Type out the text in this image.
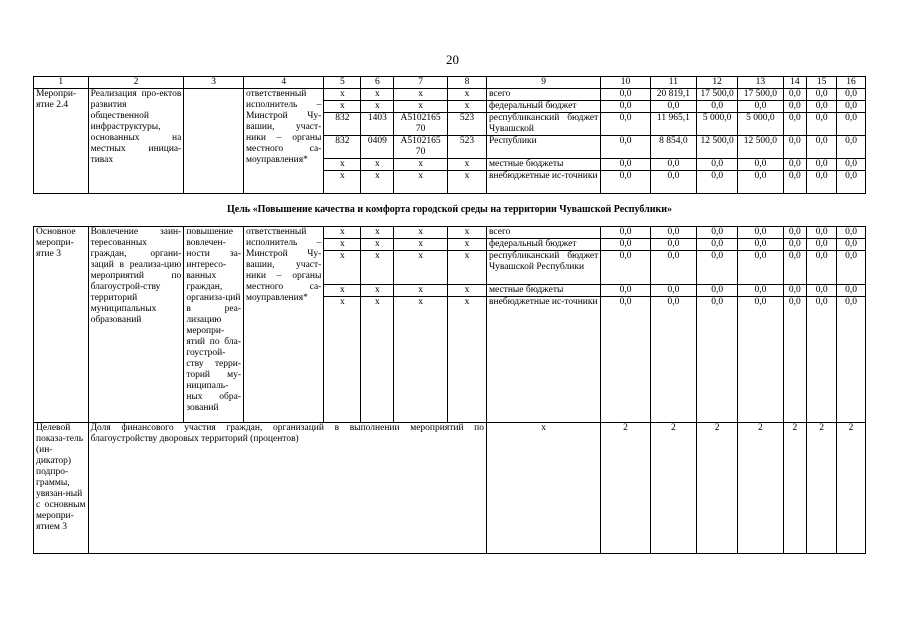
20
1	2	3	4	5	6	7	8	9	10	11	12	13	14	15	16
Меропри-ятие 2.4	Реализация про-ектов развития общественной инфраструктуры, основанных на местных инициа-тивах		ответственный исполнитель – Минстрой Чу-вашии, участ-ники – органы местного са-моуправления*	x	x	x	x	всего	0,0	20 819,1	17 500,0	17 500,0	0,0	0,0	0,0
				x	x	x	x	федеральный бюджет	0,0	0,0	0,0	0,0	0,0	0,0	0,0
				832	1403	А5102165 70	523	республиканский бюджет Чувашской	0,0	11 965,1	5 000,0	5 000,0	0,0	0,0	0,0
				832	0409	А5102165 70	523	Республики	0,0	8 854,0	12 500,0	12 500,0	0,0	0,0	0,0
				x	x	x	x	местные бюджеты	0,0	0,0	0,0	0,0	0,0	0,0	0,0
				x	x	x	x	внебюджетные ис-точники	0,0	0,0	0,0	0,0	0,0	0,0	0,0

Цель «Повышение качества и комфорта городской среды на территории Чувашской Республики»															

Основное меропри-ятие 3	Вовлечение заин-тересованных граждан, органи-заций в реализа-цию мероприятий по благоустрой-ству территорий муниципальных образований	повышение вовлечен-ности за-интересо-ванных граждан, организа-ций в реа-лизацию меропри-ятий по бла-гоустрой-ству терри-торий му-ниципаль-ных обра-зований	ответственный исполнитель – Минстрой Чу-вашии, участ-ники – органы местного са-моуправления*	x	x	x	x	всего	0,0	0,0	0,0	0,0	0,0	0,0	0,0
				x	x	x	x	федеральный бюджет	0,0	0,0	0,0	0,0	0,0	0,0	0,0
				x	x	x	x	республиканский бюджет Чувашской Республики	0,0	0,0	0,0	0,0	0,0	0,0	0,0
				x	x	x	x	местные бюджеты	0,0	0,0	0,0	0,0	0,0	0,0	0,0
				x	x	x	x	внебюджетные ис-точники	0,0	0,0	0,0	0,0	0,0	0,0	0,0
Целевой показа-тель (ин-дикатор) подпро-граммы, увязан-ный с основным меропри-ятием 3	Доля финансового участия граждан, организаций в выполнении мероприятий по благоустройству дворовых территорий (процентов)							x	2	2	2	2	2	2	2
